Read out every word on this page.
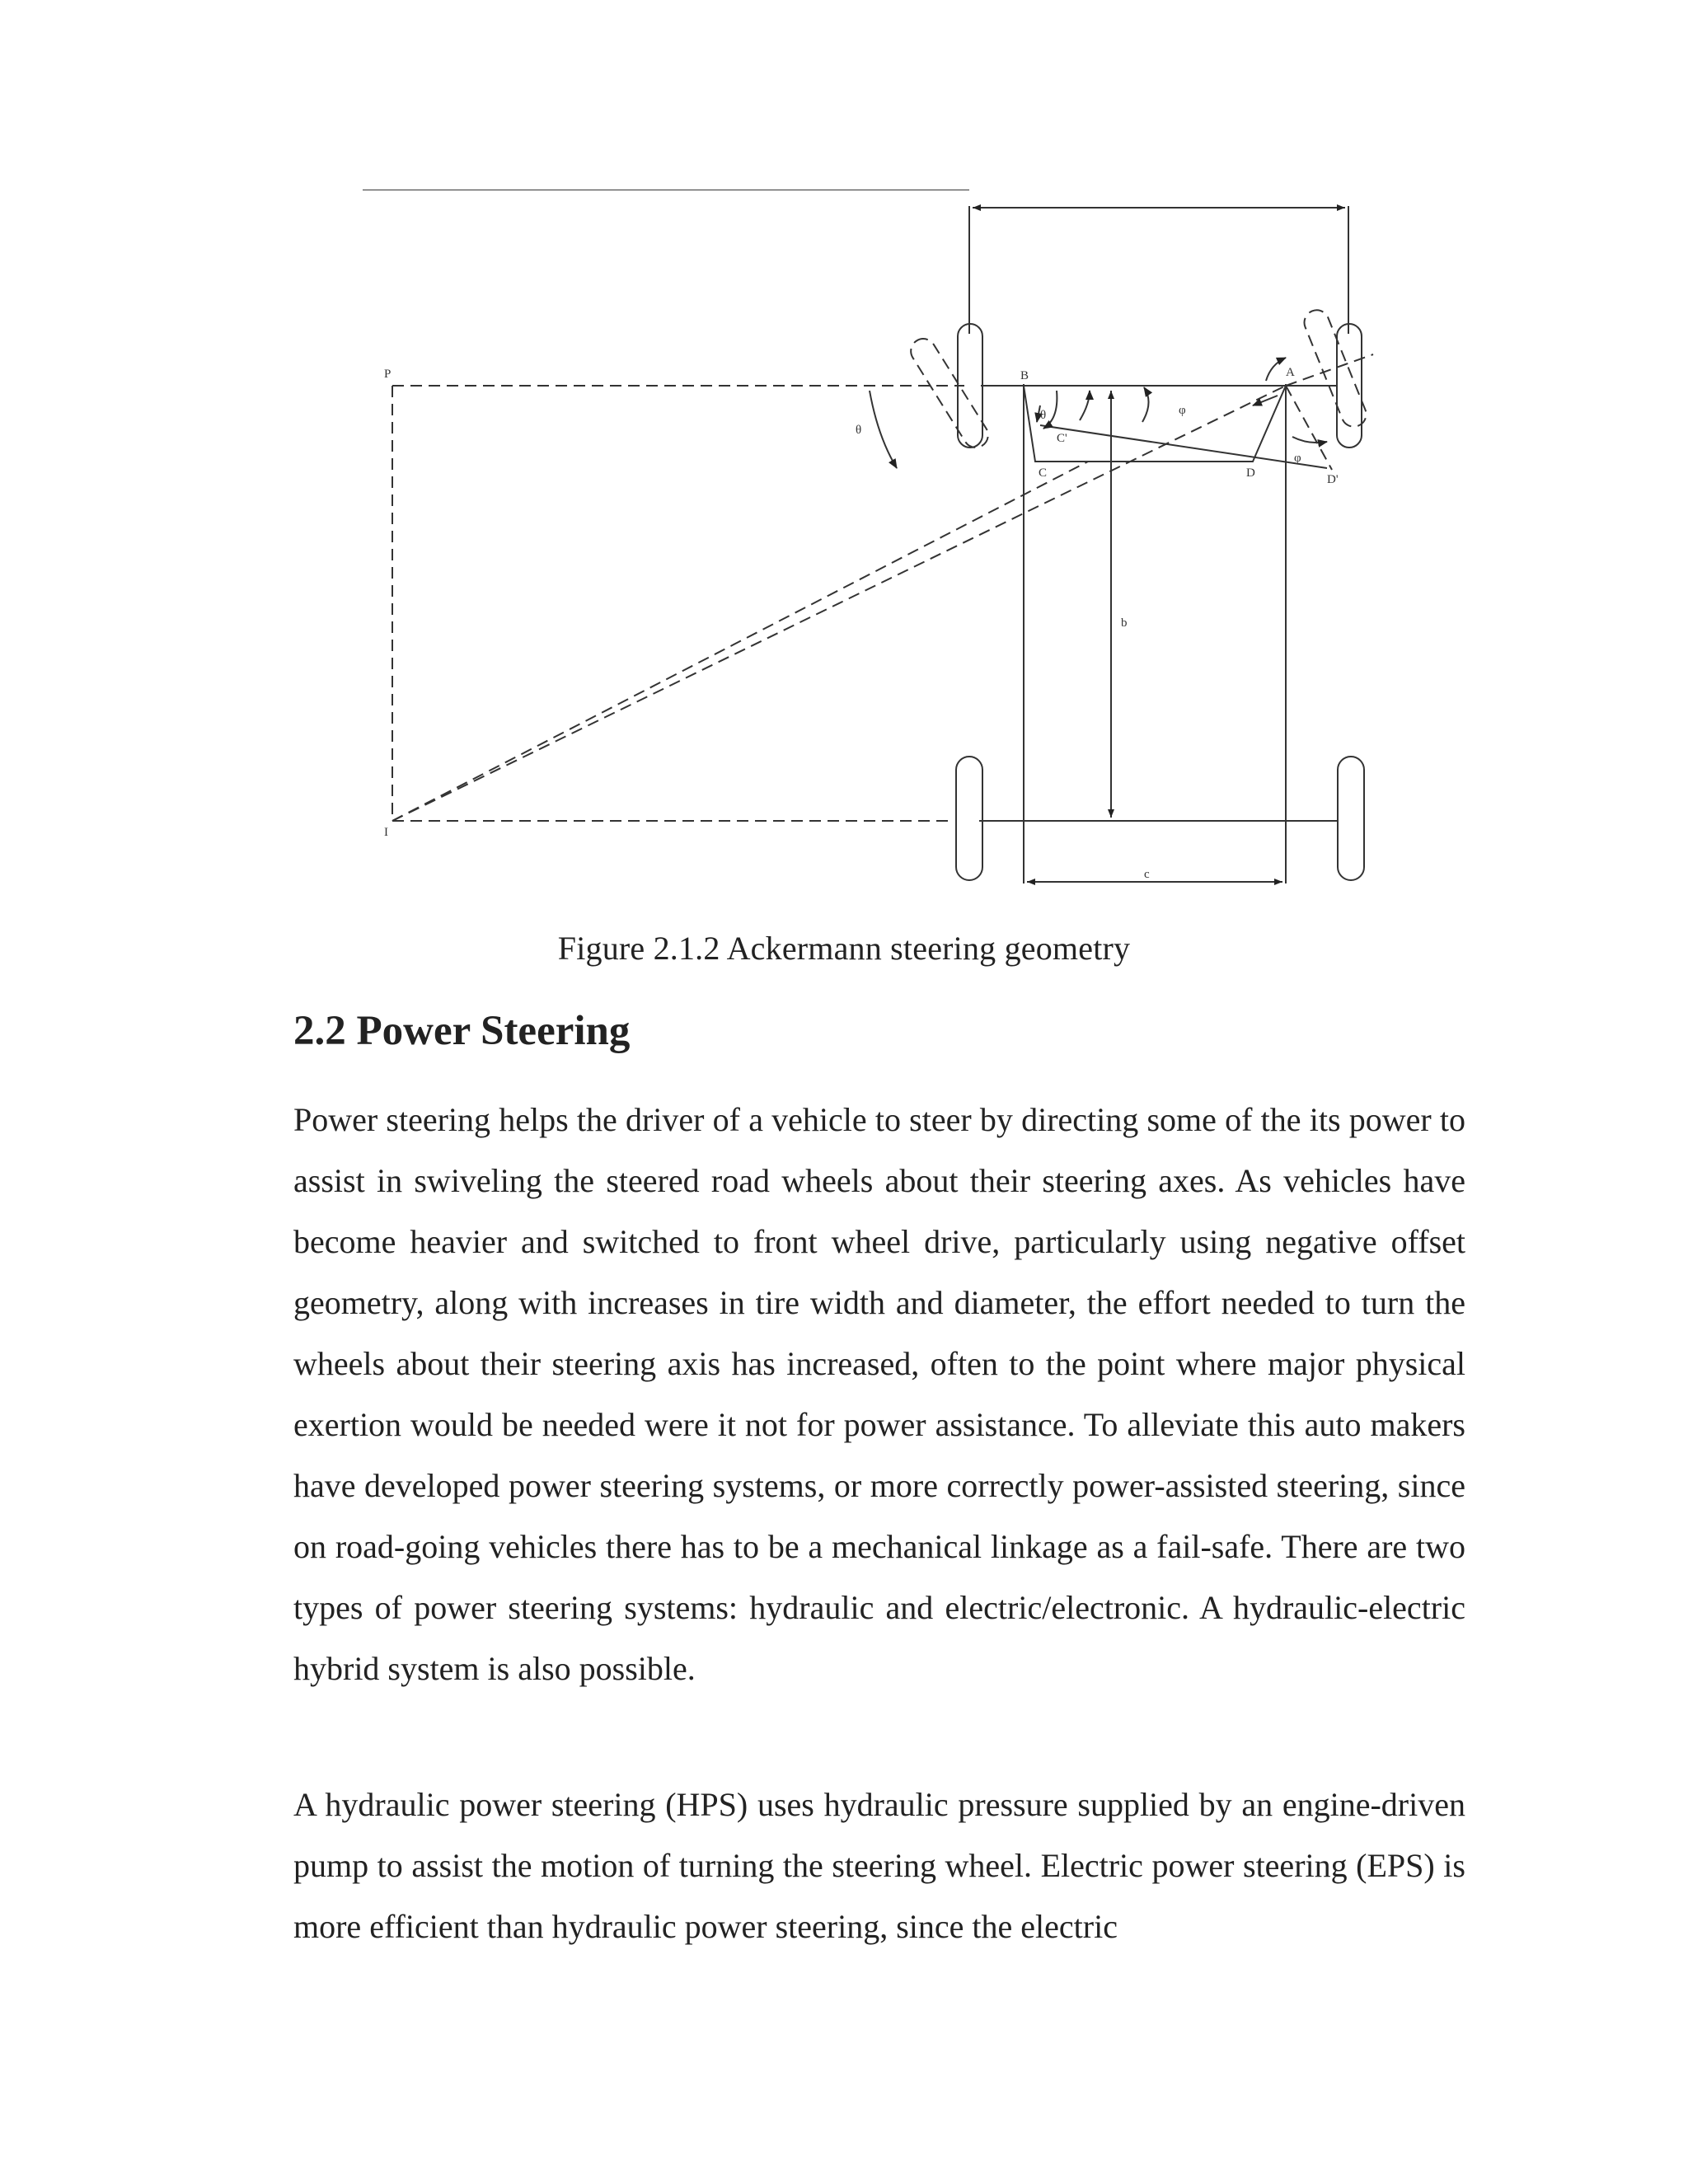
P
I
B	A
C
C'
D	D'
b
c
θ
θ	φ
φ
Figure 2.1.2 Ackermann steering geometry
2.2 Power Steering

Power steering helps the driver of a vehicle to steer by directing some of the its power to assist in swiveling the steered road wheels about their steering axes. As vehicles have become heavier and switched to front wheel drive, particularly using negative offset geometry, along with increases in tire width and diameter, the effort needed to turn the wheels about their steering axis has increased, often to the point where major physical exertion would be needed were it not for power assistance. To alleviate this auto makers have developed power steering systems, or more correctly power-assisted steering, since on road-going vehicles there has to be a mechanical linkage as a fail-safe. There are two types of power steering systems: hydraulic and electric/electronic. A hydraulic-electric hybrid system is also possible.

A hydraulic power steering (HPS) uses hydraulic pressure supplied by an engine-driven pump to assist the motion of turning the steering wheel. Electric power steering (EPS) is more efficient than hydraulic power steering, since the electric
